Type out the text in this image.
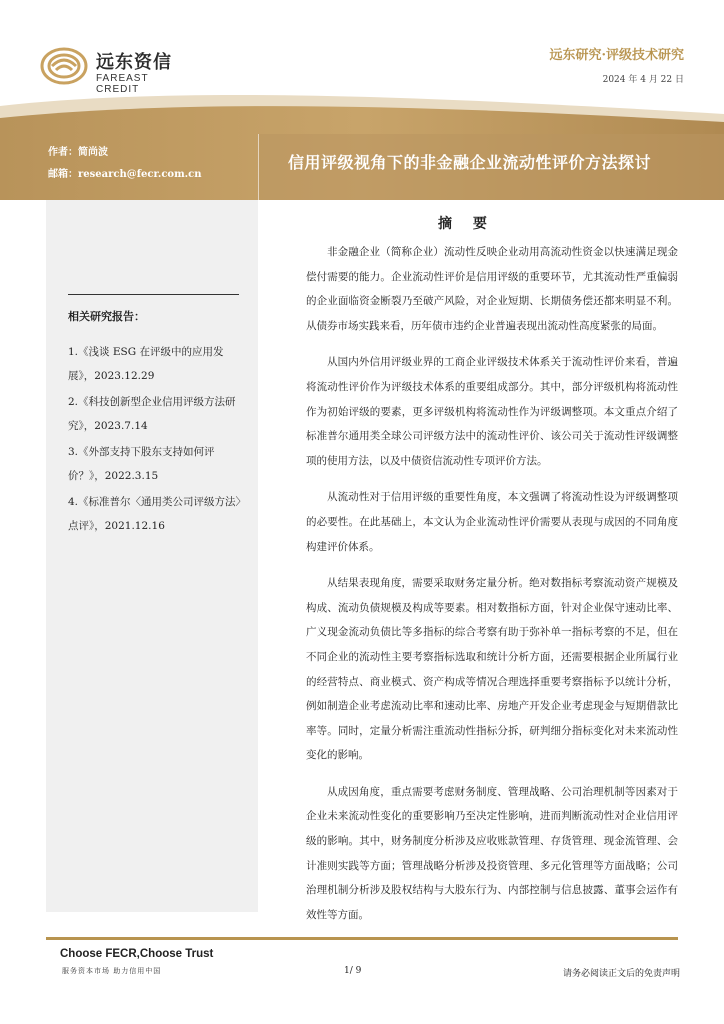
远东资信
FAREAST CREDIT
远东研究·评级技术研究
2024 年 4 月 22 日
作者：简尚波
邮箱：research@fecr.com.cn
信用评级视角下的非金融企业流动性评价方法探讨
相关研究报告：
1.《浅谈 ESG 在评级中的应用发展》，2023.12.29
2.《科技创新型企业信用评级方法研究》，2023.7.14
3.《外部支持下股东支持如何评价？》，2022.3.15
4.《标准普尔〈通用类公司评级方法〉点评》，2021.12.16
摘 要

非金融企业（简称企业）流动性反映企业动用高流动性资金以快速满足现金偿付需要的能力。企业流动性评价是信用评级的重要环节，尤其流动性严重偏弱的企业面临资金断裂乃至破产风险，对企业短期、长期债务偿还都来明显不利。从债券市场实践来看，历年债市违约企业普遍表现出流动性高度紧张的局面。

从国内外信用评级业界的工商企业评级技术体系关于流动性评价来看，普遍将流动性评价作为评级技术体系的重要组成部分。其中，部分评级机构将流动性作为初始评级的要素，更多评级机构将流动性作为评级调整项。本文重点介绍了标准普尔通用类全球公司评级方法中的流动性评价、该公司关于流动性评级调整项的使用方法，以及中债资信流动性专项评价方法。

从流动性对于信用评级的重要性角度，本文强调了将流动性设为评级调整项的必要性。在此基础上，本文认为企业流动性评价需要从表现与成因的不同角度构建评价体系。

从结果表现角度，需要采取财务定量分析。绝对数指标考察流动资产规模及构成、流动负债规模及构成等要素。相对数指标方面，针对企业保守速动比率、广义现金流动负债比等多指标的综合考察有助于弥补单一指标考察的不足，但在不同企业的流动性主要考察指标选取和统计分析方面，还需要根据企业所属行业的经营特点、商业模式、资产构成等情况合理选择重要考察指标予以统计分析，例如制造企业考虑流动比率和速动比率、房地产开发企业考虑现金与短期借款比率等。同时，定量分析需注重流动性指标分拆，研判细分指标变化对未来流动性变化的影响。

从成因角度，重点需要考虑财务制度、管理战略、公司治理机制等因素对于企业未来流动性变化的重要影响乃至决定性影响，进而判断流动性对企业信用评级的影响。其中，财务制度分析涉及应收账款管理、存货管理、现金流管理、会计准则实践等方面；管理战略分析涉及投资管理、多元化管理等方面战略；公司治理机制分析涉及股权结构与大股东行为、内部控制与信息披露、董事会运作有效性等方面。

Choose FECR,Choose Trust
服务资本市场 助力信用中国	1/ 9	请务必阅读正文后的免责声明
